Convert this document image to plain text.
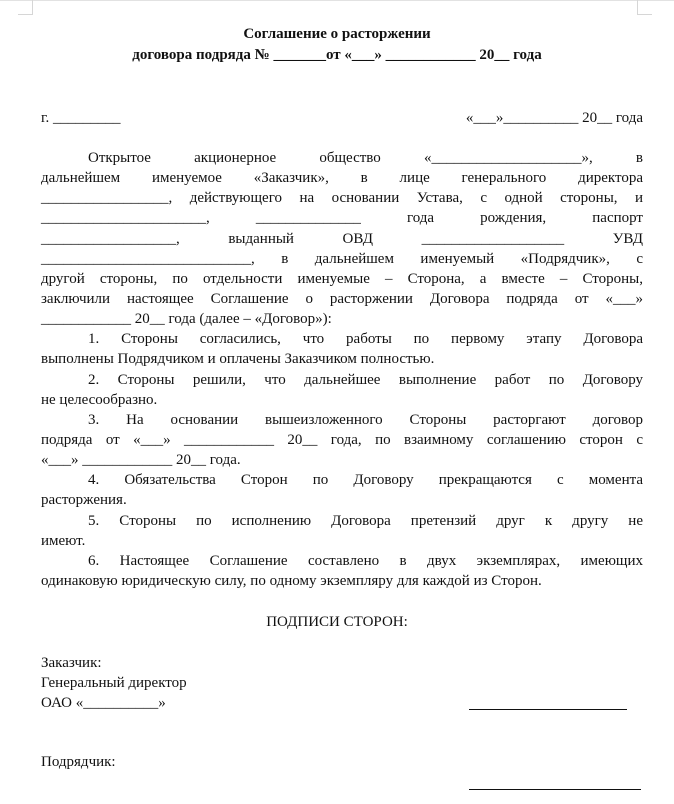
Соглашение о расторжении

договора подряда № _______от «___» ____________ 20__ года

г. _________	«___»__________ 20__ года

Открытое акционерное общество «____________________», в

дальнейшем именуемое «Заказчик», в лице генерального директора

_________________, действующего на основании Устава, с одной стороны, и

______________________, ______________ года рождения, паспорт

__________________, выданный ОВД ___________________ УВД

____________________________, в дальнейшем именуемый «Подрядчик», с

другой стороны, по отдельности именуемые – Сторона, а вместе – Стороны,

заключили настоящее Соглашение о расторжении Договора подряда от «___»

____________ 20__ года (далее – «Договор»):

1. Стороны согласились, что работы по первому этапу Договора

выполнены Подрядчиком и оплачены Заказчиком полностью.

2. Стороны решили, что дальнейшее выполнение работ по Договору

не целесообразно.

3. На основании вышеизложенного Стороны расторгают договор

подряда от «___» ____________ 20__ года, по взаимному соглашению сторон с

«___» ____________ 20__ года.

4. Обязательства Сторон по Договору прекращаются с момента

расторжения.

5. Стороны по исполнению Договора претензий друг к другу не

имеют.

6. Настоящее Соглашение составлено в двух экземплярах, имеющих

одинаковую юридическую силу, по одному экземпляру для каждой из Сторон.

ПОДПИСИ СТОРОН:

Заказчик:

Генеральный директор

ОАО «__________»

Подрядчик:
